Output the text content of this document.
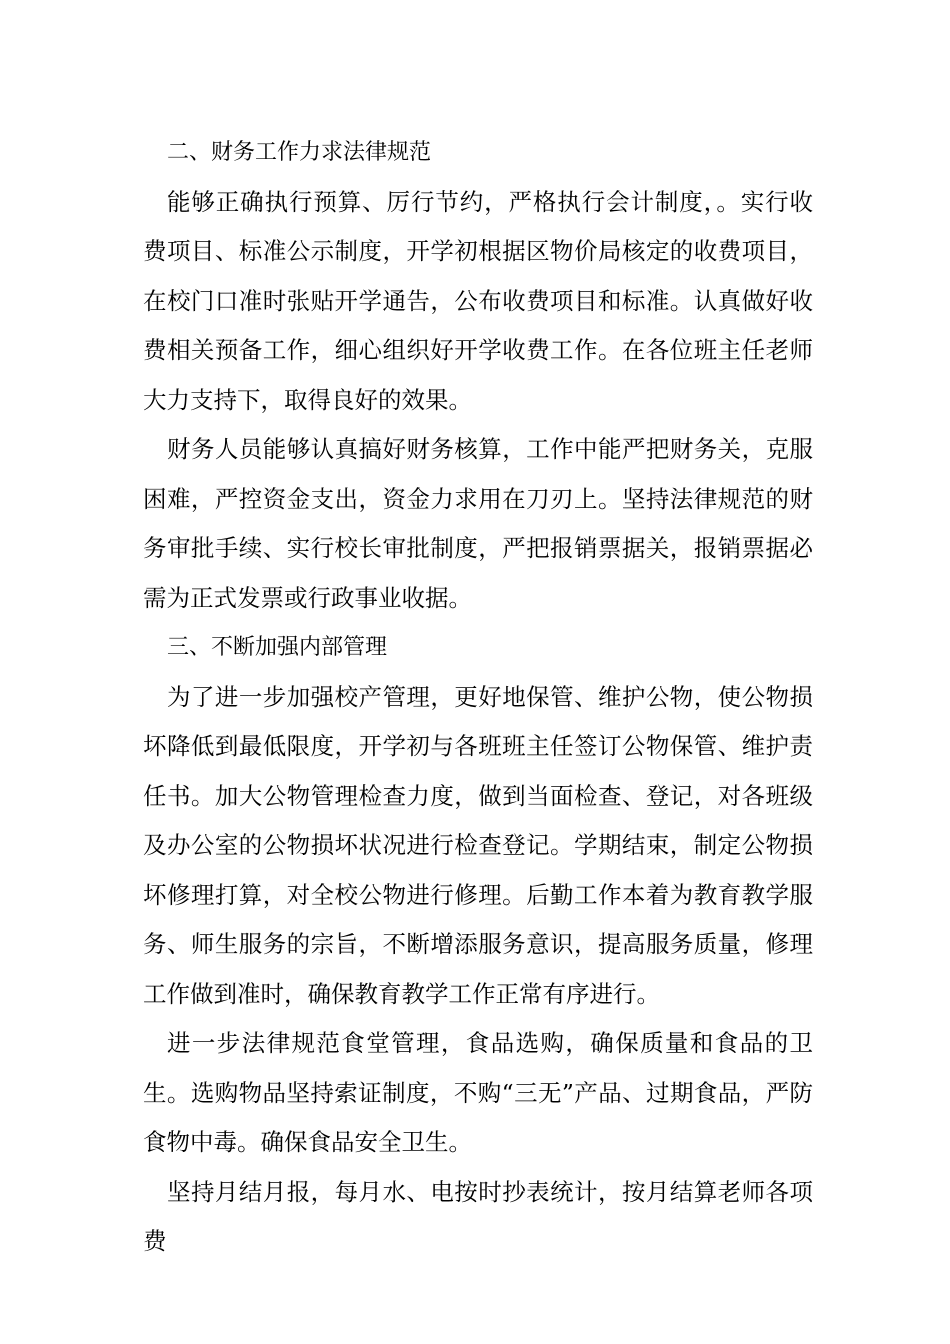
二、财务工作力求法律规范

能够正确执行预算、厉行节约，严格执行会计制度，。实行收费项目、标准公示制度，开学初根据区物价局核定的收费项目，在校门口准时张贴开学通告，公布收费项目和标准。认真做好收费相关预备工作，细心组织好开学收费工作。在各位班主任老师大力支持下，取得良好的效果。

财务人员能够认真搞好财务核算，工作中能严把财务关，克服困难，严控资金支出，资金力求用在刀刃上。坚持法律规范的财务审批手续、实行校长审批制度，严把报销票据关，报销票据必需为正式发票或行政事业收据。

三、不断加强内部管理

为了进一步加强校产管理，更好地保管、维护公物，使公物损坏降低到最低限度，开学初与各班班主任签订公物保管、维护责任书。加大公物管理检查力度，做到当面检查、登记，对各班级及办公室的公物损坏状况进行检查登记。学期结束，制定公物损坏修理打算，对全校公物进行修理。后勤工作本着为教育教学服务、师生服务的宗旨，不断增添服务意识，提高服务质量，修理工作做到准时，确保教育教学工作正常有序进行。

进一步法律规范食堂管理，食品选购，确保质量和食品的卫生。选购物品坚持索证制度，不购“三无”产品、过期食品，严防食物中毒。确保食品安全卫生。

坚持月结月报，每月水、电按时抄表统计，按月结算老师各项费
